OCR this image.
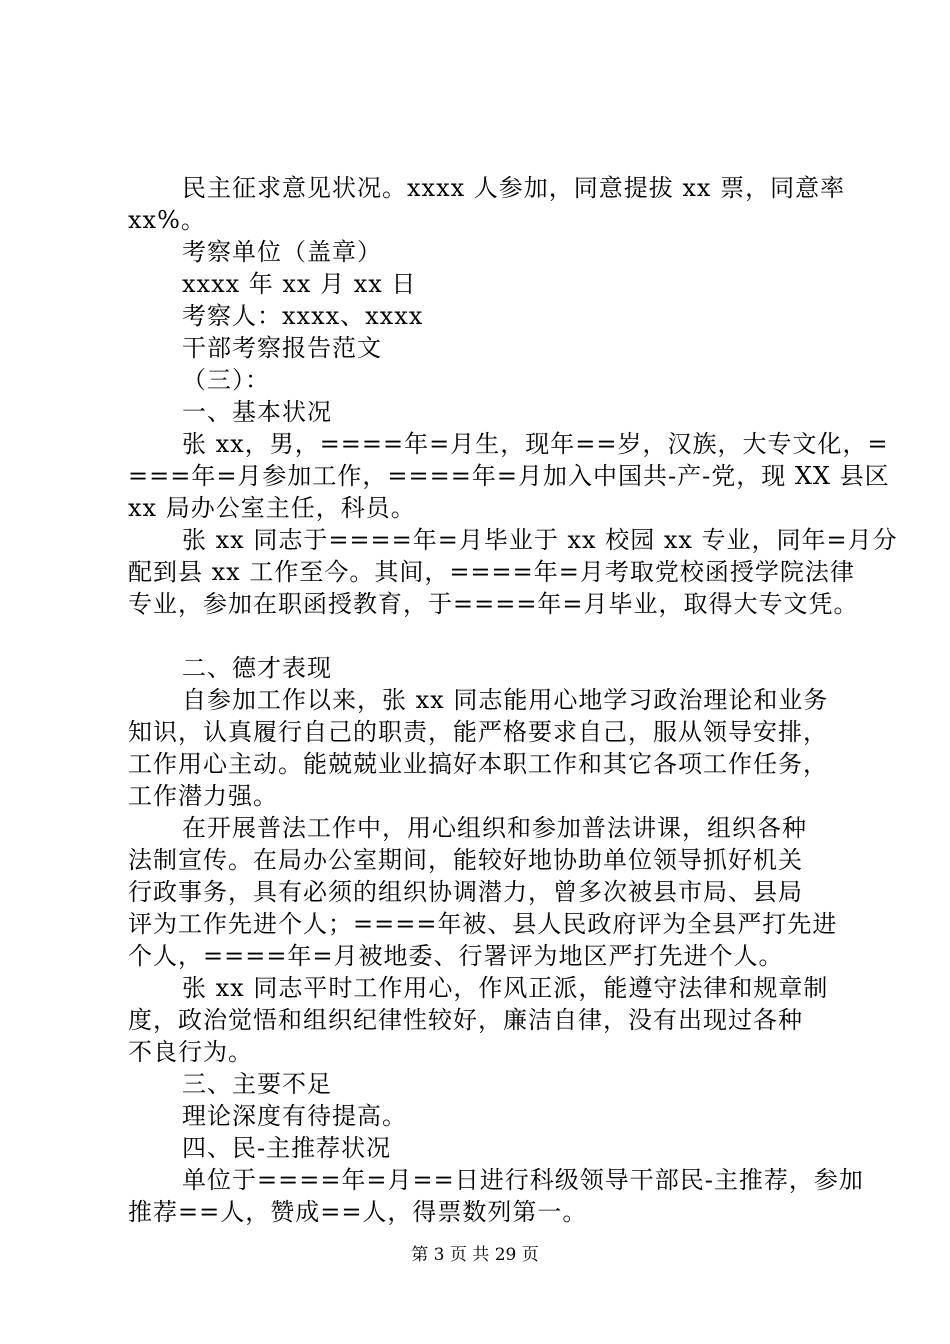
民主征求意见状况。xxxx 人参加，同意提拔 xx 票，同意率
xx%。
考察单位（盖章）
xxxx 年 xx 月 xx 日
考察人：xxxx、xxxx
干部考察报告范文
（三）：
一、基本状况
张 xx，男，====年=月生，现年==岁，汉族，大专文化，=
===年=月参加工作，====年=月加入中国共-产-党，现 XX 县区
xx 局办公室主任，科员。
张 xx 同志于====年=月毕业于 xx 校园 xx 专业，同年=月分
配到县 xx 工作至今。其间，====年=月考取党校函授学院法律
专业，参加在职函授教育，于====年=月毕业，取得大专文凭。
二、德才表现
自参加工作以来，张 xx 同志能用心地学习政治理论和业务
知识，认真履行自己的职责，能严格要求自己，服从领导安排，
工作用心主动。能兢兢业业搞好本职工作和其它各项工作任务，
工作潜力强。
在开展普法工作中，用心组织和参加普法讲课，组织各种
法制宣传。在局办公室期间，能较好地协助单位领导抓好机关
行政事务，具有必须的组织协调潜力，曾多次被县市局、县局
评为工作先进个人；====年被、县人民政府评为全县严打先进
个人，====年=月被地委、行署评为地区严打先进个人。
张 xx 同志平时工作用心，作风正派，能遵守法律和规章制
度，政治觉悟和组织纪律性较好，廉洁自律，没有出现过各种
不良行为。
三、主要不足
理论深度有待提高。
四、民-主推荐状况
单位于====年=月==日进行科级领导干部民-主推荐，参加
推荐==人，赞成==人，得票数列第一。
第 3 页 共 29 页
